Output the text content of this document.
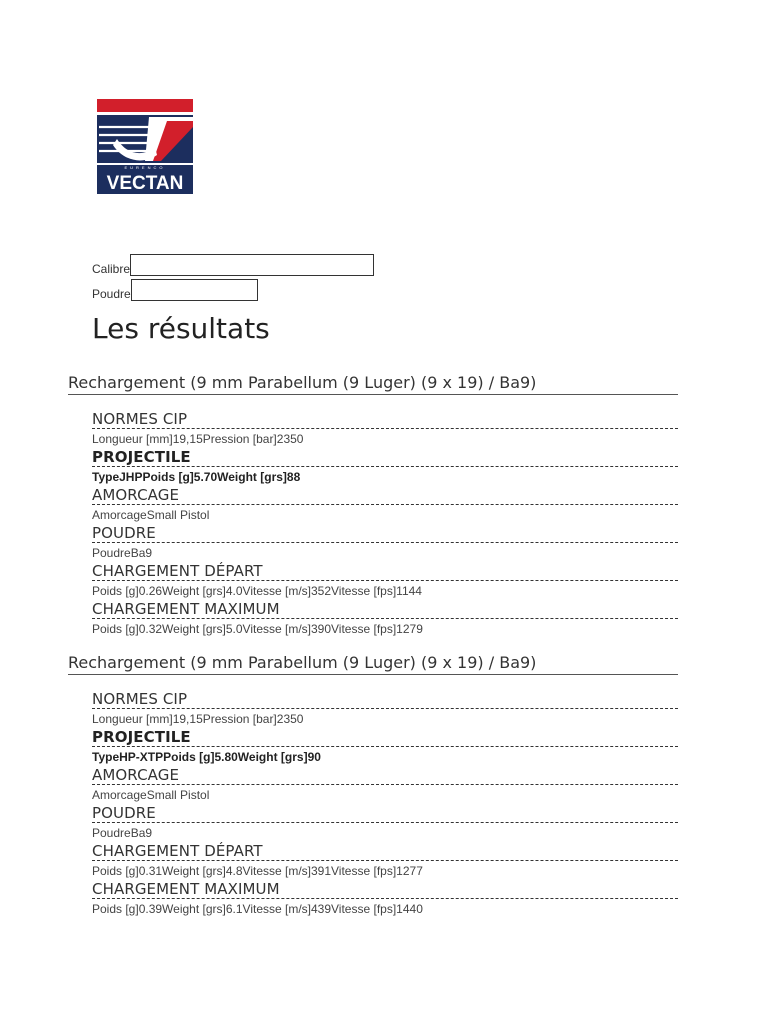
EURENCO
VECTAN
Calibre
Poudre
Les résultats
Rechargement (9 mm Parabellum (9 Luger) (9 x 19) / Ba9)
NORMES CIP
Longueur [mm]19,15Pression [bar]2350
PROJECTILE
TypeJHPPoids [g]5.70Weight [grs]88
AMORCAGE
AmorcageSmall Pistol
POUDRE
PoudreBa9
CHARGEMENT DÉPART
Poids [g]0.26Weight [grs]4.0Vitesse [m/s]352Vitesse [fps]1144
CHARGEMENT MAXIMUM
Poids [g]0.32Weight [grs]5.0Vitesse [m/s]390Vitesse [fps]1279
Rechargement (9 mm Parabellum (9 Luger) (9 x 19) / Ba9)
NORMES CIP
Longueur [mm]19,15Pression [bar]2350
PROJECTILE
TypeHP-XTPPoids [g]5.80Weight [grs]90
AMORCAGE
AmorcageSmall Pistol
POUDRE
PoudreBa9
CHARGEMENT DÉPART
Poids [g]0.31Weight [grs]4.8Vitesse [m/s]391Vitesse [fps]1277
CHARGEMENT MAXIMUM
Poids [g]0.39Weight [grs]6.1Vitesse [m/s]439Vitesse [fps]1440
